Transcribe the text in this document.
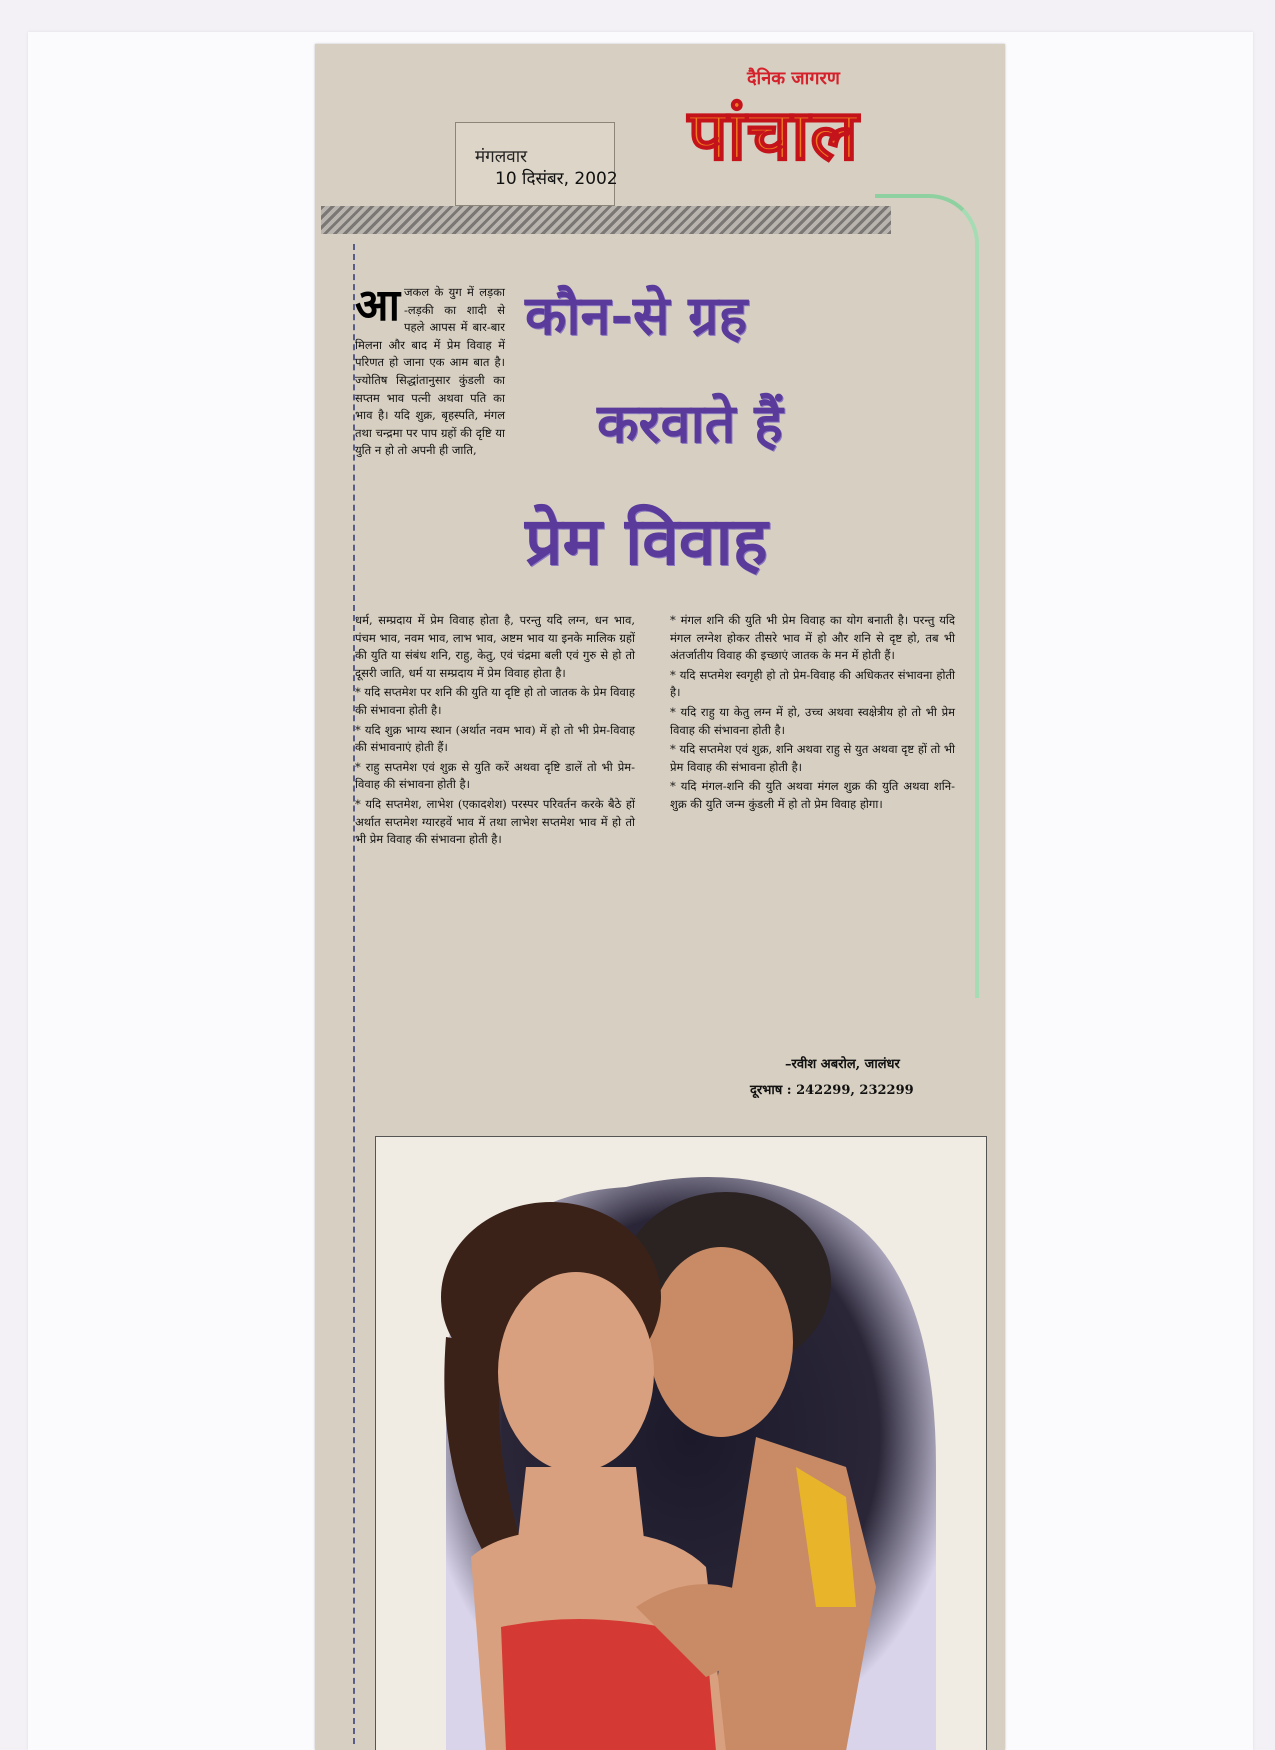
मंगलवार
10 दिसंबर, 2002
दैनिक जागरण
पांचाल
कौन-से ग्रह
करवाते हैं
प्रेम विवाह
आ जकल के युग में लड़का -लड़की का शादी से पहले आपस में बार-बार मिलना और बाद में प्रेम विवाह में परिणत हो जाना एक आम बात है। ज्योतिष सिद्धांतानुसार कुंडली का सप्तम भाव पत्नी अथवा पति का भाव है। यदि शुक्र, बृहस्पति, मंगल तथा चन्द्रमा पर पाप ग्रहों की दृष्टि या युति न हो तो अपनी ही जाति,

धर्म, सम्प्रदाय में प्रेम विवाह होता है, परन्तु यदि लग्न, धन भाव, पंचम भाव, नवम भाव, लाभ भाव, अष्टम भाव या इनके मालिक ग्रहों की युति या संबंध शनि, राहु, केतु, एवं चंद्रमा बली एवं गुरु से हो तो दूसरी जाति, धर्म या सम्प्रदाय में प्रेम विवाह होता है।

* यदि सप्तमेश पर शनि की युति या दृष्टि हो तो जातक के प्रेम विवाह की संभावना होती है।

* यदि शुक्र भाग्य स्थान (अर्थात नवम भाव) में हो तो भी प्रेम-विवाह की संभावनाएं होती हैं।

* राहु सप्तमेश एवं शुक्र से युति करें अथवा दृष्टि डालें तो भी प्रेम-विवाह की संभावना होती है।

* यदि सप्तमेश, लाभेश (एकादशेश) परस्पर परिवर्तन करके बैठे हों अर्थात सप्तमेश ग्यारहवें भाव में तथा लाभेश सप्तमेश भाव में हो तो भी प्रेम विवाह की संभावना होती है।

* मंगल शनि की युति भी प्रेम विवाह का योग बनाती है। परन्तु यदि मंगल लग्नेश होकर तीसरे भाव में हो और शनि से दृष्ट हो, तब भी अंतर्जातीय विवाह की इच्छाएं जातक के मन में होती हैं।

* यदि सप्तमेश स्वगृही हो तो प्रेम-विवाह की अधिकतर संभावना होती है।

* यदि राहु या केतु लग्न में हो, उच्च अथवा स्वक्षेत्रीय हो तो भी प्रेम विवाह की संभावना होती है।

* यदि सप्तमेश एवं शुक्र, शनि अथवा राहु से युत अथवा दृष्ट हों तो भी प्रेम विवाह की संभावना होती है।

* यदि मंगल-शनि की युति अथवा मंगल शुक्र की युति अथवा शनि-शुक्र की युति जन्म कुंडली में हो तो प्रेम विवाह होगा।

–रवीश अबरोल, जालंधर
दूरभाष : 242299, 232299
